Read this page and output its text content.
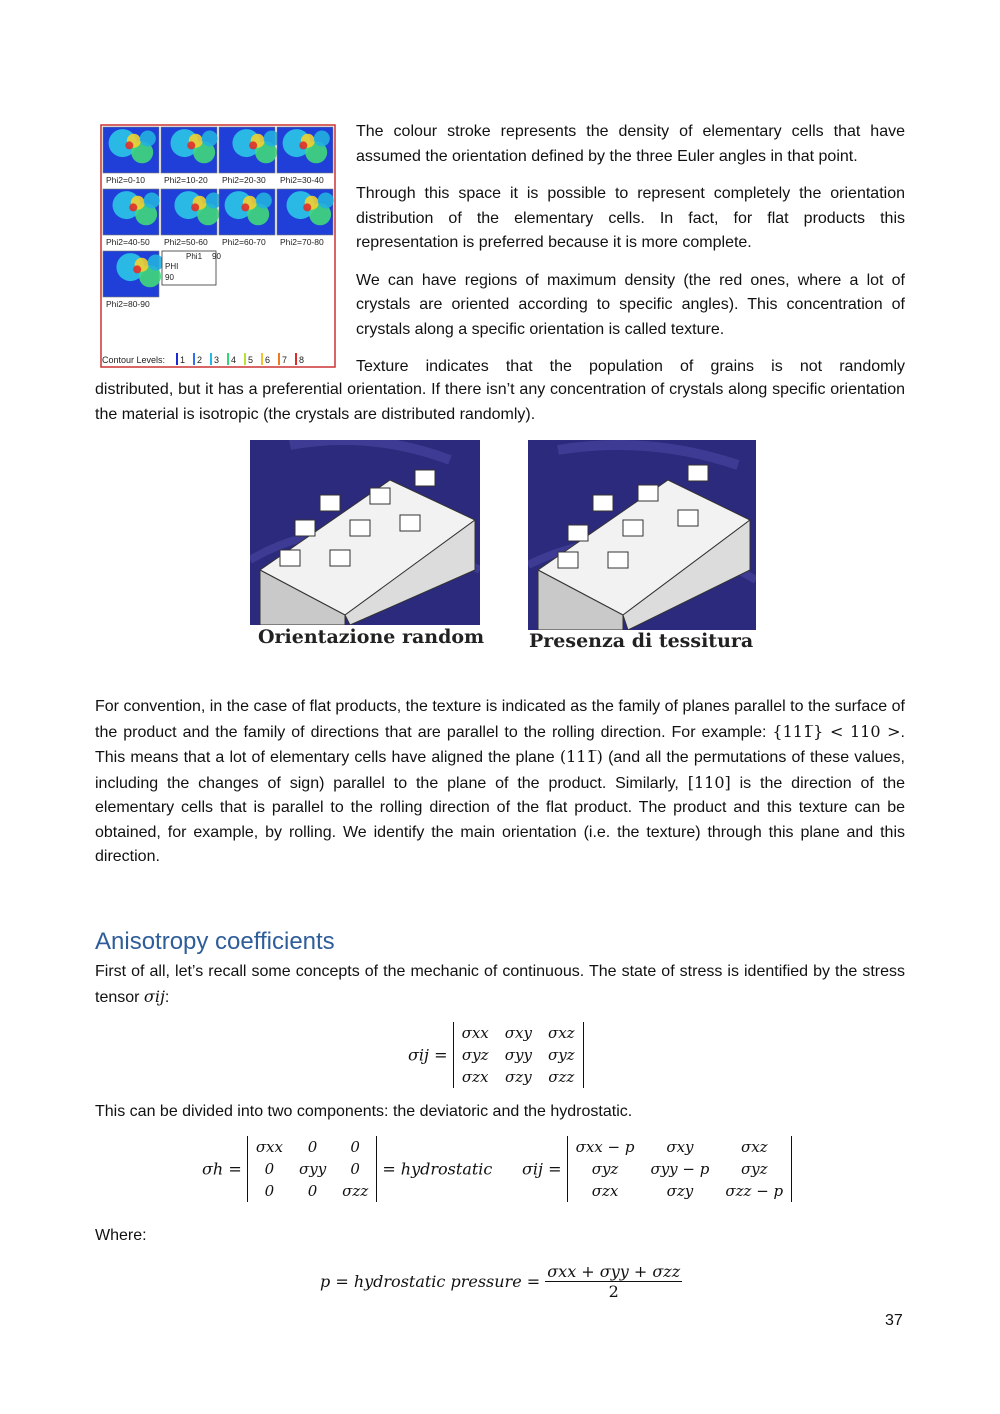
Phi2=0-10 Phi2=10-20 Phi2=20-30 Phi2=30-40
Phi2=40-50 Phi2=50-60 Phi2=60-70 Phi2=70-80
Phi2=80-90
Phi1 90
PHI
90
Contour Levels: 1 2 3 4 5 6 7 8

The colour stroke represents the density of elementary cells that have assumed the orientation defined by the three Euler angles in that point.

Through this space it is possible to represent completely the orientation distribution of the elementary cells. In fact, for flat products this representation is preferred because it is more complete.

We can have regions of maximum density (the red ones, where a lot of crystals are oriented according to specific angles). This concentration of crystals along a specific orientation is called texture.

Texture indicates that the population of grains is not randomly

distributed, but it has a preferential orientation. If there isn’t any concentration of crystals along specific orientation the material is isotropic (the crystals are distributed randomly).

Orientazione random Presenza di tessitura

For convention, in the case of flat products, the texture is indicated as the family of planes parallel to the surface of the product and the family of directions that are parallel to the rolling direction. For example: {111̅} < 110 >. This means that a lot of elementary cells have aligned the plane (111̅) (and all the permutations of these values, including the changes of sign) parallel to the plane of the product. Similarly, [110] is the direction of the elementary cells that is parallel to the rolling direction of the flat product. The product and this texture can be obtained, for example, by rolling. We identify the main orientation (i.e. the texture) through this plane and this direction.

Anisotropy coefficients

First of all, let’s recall some concepts of the mechanic of continuous. The state of stress is identified by the stress tensor σij:

σij = σxx	σxy	σxz
σyz	σyy	σyz
σzx	σzy	σzz

This can be divided into two components: the deviatoric and the hydrostatic.

σh = σxx	0	0
0	σyy	0
0	0	σzz = hydrostatic σij = σxx − p	σxy	σxz
σyz	σyy − p	σyz
σzx	σzy	σzz − p

Where:

p = hydrostatic pressure =
σxx + σyy + σzz
2
37
